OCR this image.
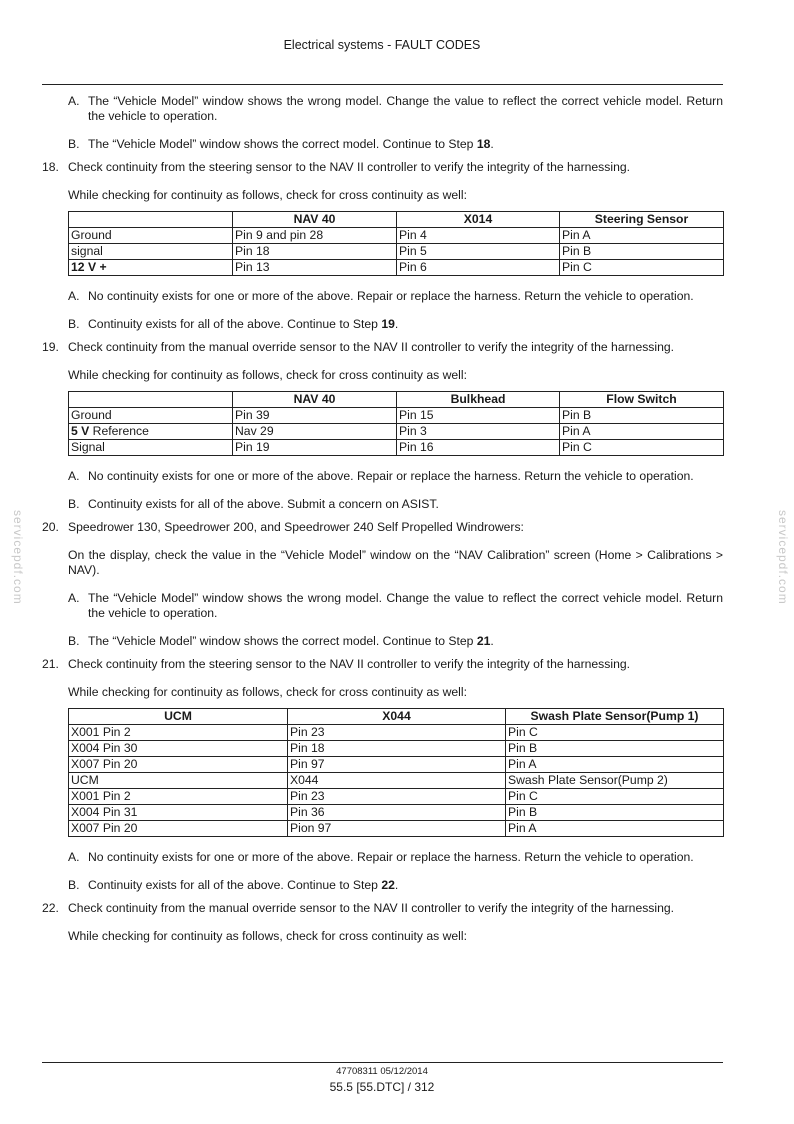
Electrical systems - FAULT CODES
servicepdf.com	servicepdf.com
A. The “Vehicle Model” window shows the wrong model. Change the value to reflect the correct vehicle model. Return the vehicle to operation.
B. The “Vehicle Model” window shows the correct model. Continue to Step 18.
18. Check continuity from the steering sensor to the NAV II controller to verify the integrity of the harnessing.
While checking for continuity as follows, check for cross continuity as well:
	NAV 40	X014	Steering Sensor
Ground	Pin 9 and pin 28	Pin 4	Pin A
signal	Pin 18	Pin 5	Pin B
12 V +	Pin 13	Pin 6	Pin C
A. No continuity exists for one or more of the above. Repair or replace the harness. Return the vehicle to operation.
B. Continuity exists for all of the above. Continue to Step 19.
19. Check continuity from the manual override sensor to the NAV II controller to verify the integrity of the harnessing.
While checking for continuity as follows, check for cross continuity as well:
	NAV 40	Bulkhead	Flow Switch
Ground	Pin 39	Pin 15	Pin B
5 V Reference	Nav 29	Pin 3	Pin A
Signal	Pin 19	Pin 16	Pin C
A. No continuity exists for one or more of the above. Repair or replace the harness. Return the vehicle to operation.
B. Continuity exists for all of the above. Submit a concern on ASIST.
20. Speedrower 130, Speedrower 200, and Speedrower 240 Self Propelled Windrowers:
On the display, check the value in the “Vehicle Model” window on the “NAV Calibration” screen (Home > Calibrations > NAV).
A. The “Vehicle Model” window shows the wrong model. Change the value to reflect the correct vehicle model. Return the vehicle to operation.
B. The “Vehicle Model” window shows the correct model. Continue to Step 21.
21. Check continuity from the steering sensor to the NAV II controller to verify the integrity of the harnessing.
While checking for continuity as follows, check for cross continuity as well:
UCM	X044	Swash Plate Sensor(Pump 1)
X001 Pin 2	Pin 23	Pin C
X004 Pin 30	Pin 18	Pin B
X007 Pin 20	Pin 97	Pin A
UCM	X044	Swash Plate Sensor(Pump 2)
X001 Pin 2	Pin 23	Pin C
X004 Pin 31	Pin 36	Pin B
X007 Pin 20	Pion 97	Pin A
A. No continuity exists for one or more of the above. Repair or replace the harness. Return the vehicle to operation.
B. Continuity exists for all of the above. Continue to Step 22.
22. Check continuity from the manual override sensor to the NAV II controller to verify the integrity of the harnessing.
While checking for continuity as follows, check for cross continuity as well:
47708311 05/12/2014
55.5 [55.DTC] / 312
